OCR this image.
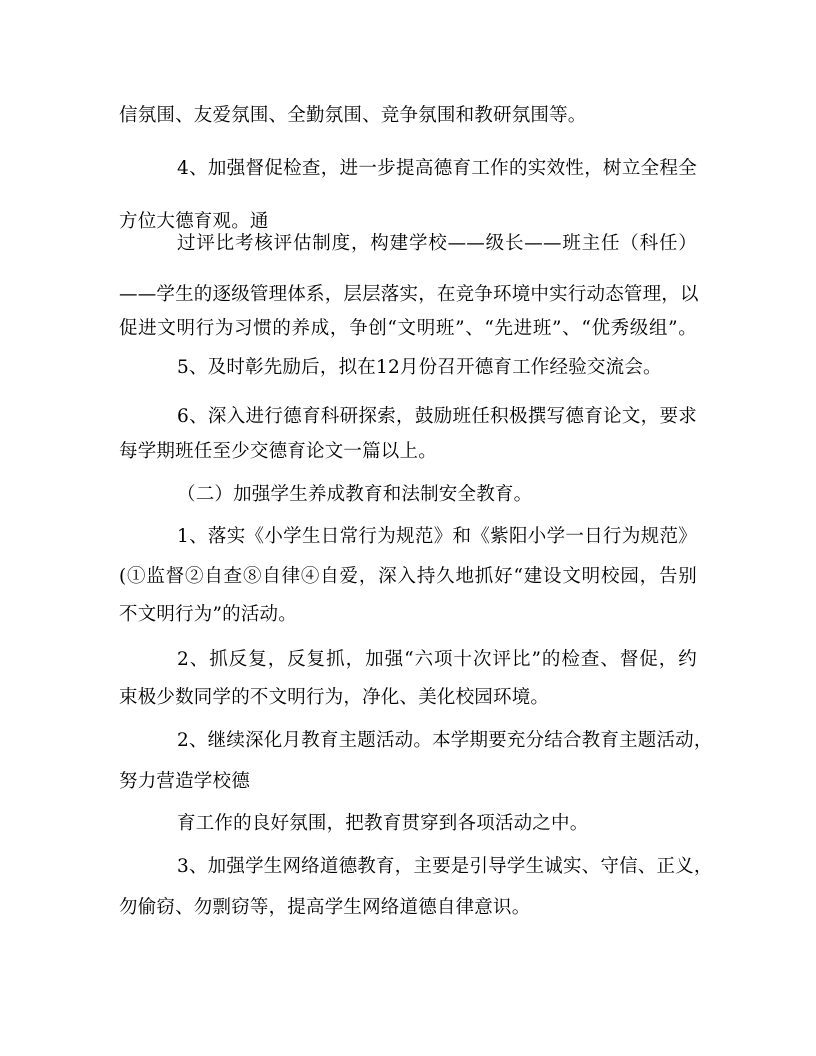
信氛围、友爱氛围、全勤氛围、竞争氛围和教研氛围等。
4、加强督促检查，进一步提高德育工作的实效性，树立全程全
方位大德育观。通
过评比考核评估制度，构建学校——级长——班主任（科任）
——学生的逐级管理体系，层层落实，在竞争环境中实行动态管理，以
促进文明行为习惯的养成，争创“文明班”、“先进班”、“优秀级组”。
5、及时彰先励后，拟在12月份召开德育工作经验交流会。
6、深入进行德育科研探索，鼓励班任积极撰写德育论文，要求
每学期班任至少交德育论文一篇以上。
（二）加强学生养成教育和法制安全教育。
1、落实《小学生日常行为规范》和《紫阳小学一日行为规范》
(①监督②自查⑧自律④自爱，深入持久地抓好“建设文明校园，告别
不文明行为”的活动。
2、抓反复，反复抓，加强“六项十次评比”的检查、督促，约
束极少数同学的不文明行为，净化、美化校园环境。
2、继续深化月教育主题活动。本学期要充分结合教育主题活动，
努力营造学校德
育工作的良好氛围，把教育贯穿到各项活动之中。
3、加强学生网络道德教育，主要是引导学生诚实、守信、正义，
勿偷窃、勿剽窃等，提高学生网络道德自律意识。
